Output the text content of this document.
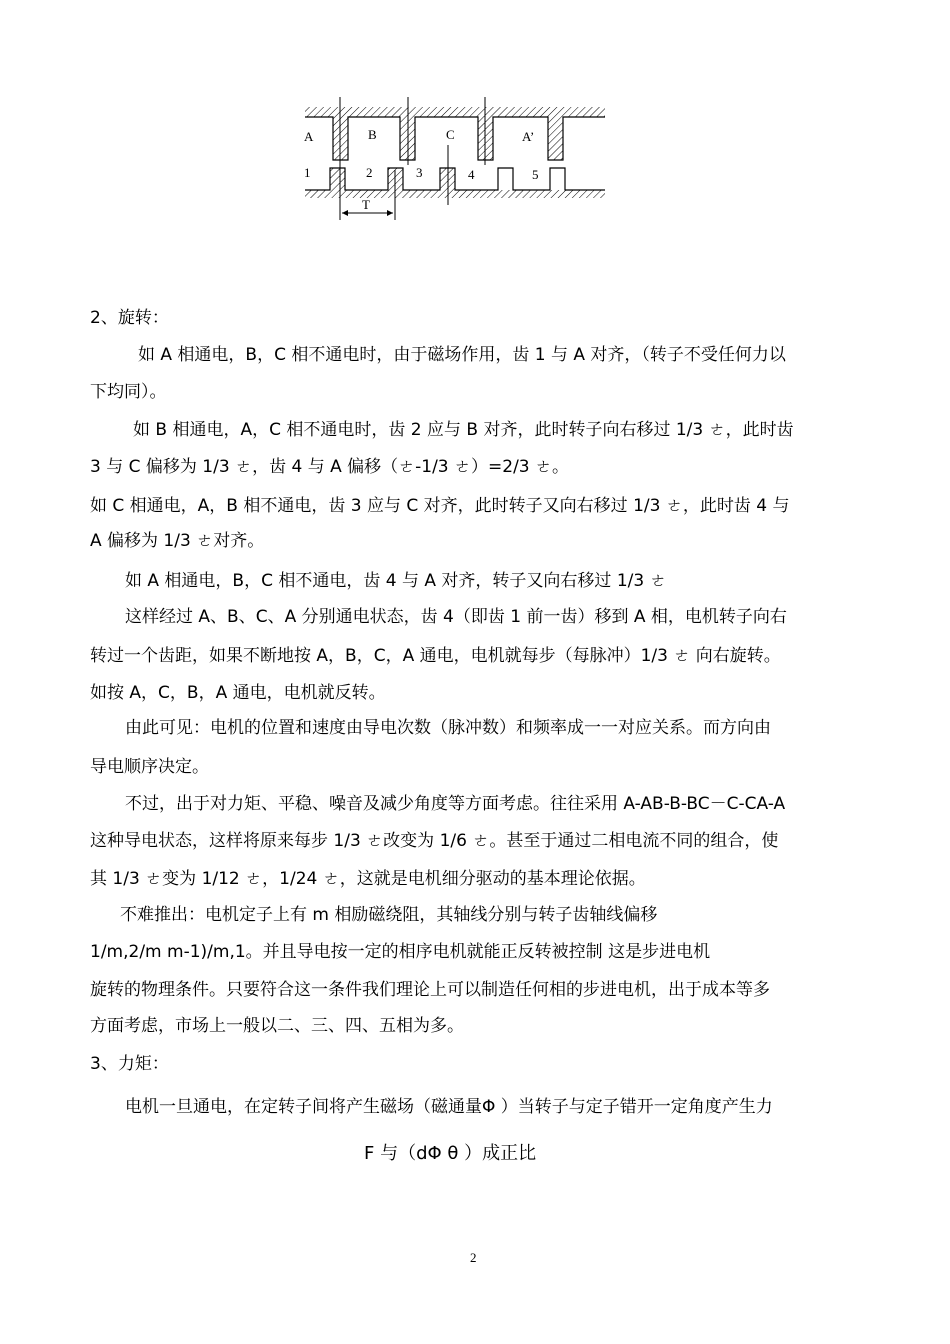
A	B	C	A’
1	2	3	4	5
T
2、旋转：
如 A 相通电，B，C 相不通电时，由于磁场作用，齿 1 与 A 对齐，（转子不受任何力以
下均同）。
如 B 相通电，A，C 相不通电时，齿 2 应与 B 对齐，此时转子向右移过 1/3 ㄜ，此时齿
3 与 C 偏移为 1/3 ㄜ，齿 4 与 A 偏移（ㄜ-1/3 ㄜ）=2/3 ㄜ。
如 C 相通电，A，B 相不通电，齿 3 应与 C 对齐，此时转子又向右移过 1/3 ㄜ，此时齿 4 与
A 偏移为 1/3 ㄜ对齐。
如 A 相通电，B，C 相不通电，齿 4 与 A 对齐，转子又向右移过 1/3 ㄜ
这样经过 A、B、C、A 分别通电状态，齿 4（即齿 1 前一齿）移到 A 相，电机转子向右
转过一个齿距，如果不断地按 A，B，C，A 通电，电机就每步（每脉冲）1/3 ㄜ 向右旋转。
如按 A，C，B，A 通电，电机就反转。
由此可见：电机的位置和速度由导电次数（脉冲数）和频率成一一对应关系。而方向由
导电顺序决定。
不过，出于对力矩、平稳、噪音及减少角度等方面考虑。往往采用 A-AB-B-BC－C-CA-A
这种导电状态，这样将原来每步 1/3 ㄜ改变为 1/6 ㄜ。甚至于通过二相电流不同的组合，使
其 1/3 ㄜ变为 1/12 ㄜ，1/24 ㄜ，这就是电机细分驱动的基本理论依据。
不难推出：电机定子上有 m 相励磁绕阻，其轴线分别与转子齿轴线偏移
1/m,2/m m-1)/m,1。并且导电按一定的相序电机就能正反转被控制 这是步进电机
旋转的物理条件。只要符合这一条件我们理论上可以制造任何相的步进电机，出于成本等多
方面考虑，市场上一般以二、三、四、五相为多。
3、力矩：
电机一旦通电，在定转子间将产生磁场（磁通量Φ ）当转子与定子错开一定角度产生力
F 与（dΦ θ ）成正比
2
